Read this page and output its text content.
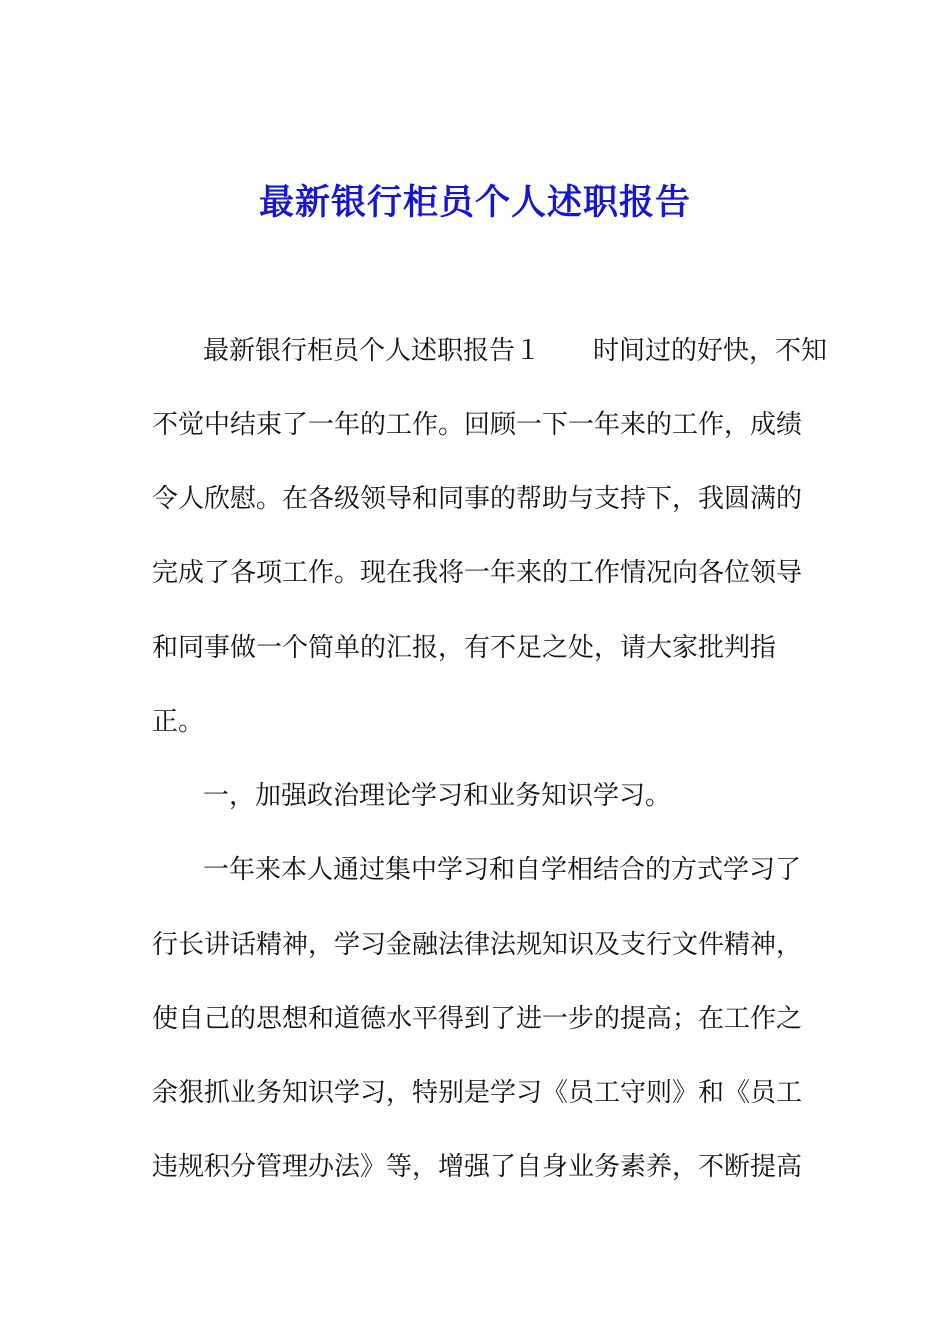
最新银行柜员个人述职报告
最新银行柜员个人述职报告１ 时间过的好快，不知
不觉中结束了一年的工作。回顾一下一年来的工作，成绩
令人欣慰。在各级领导和同事的帮助与支持下，我圆满的
完成了各项工作。现在我将一年来的工作情况向各位领导
和同事做一个简单的汇报，有不足之处，请大家批判指
正。
一，加强政治理论学习和业务知识学习。
一年来本人通过集中学习和自学相结合的方式学习了
行长讲话精神，学习金融法律法规知识及支行文件精神，
使自己的思想和道德水平得到了进一步的提高；在工作之
余狠抓业务知识学习，特别是学习《员工守则》和《员工
违规积分管理办法》等，增强了自身业务素养，不断提高
